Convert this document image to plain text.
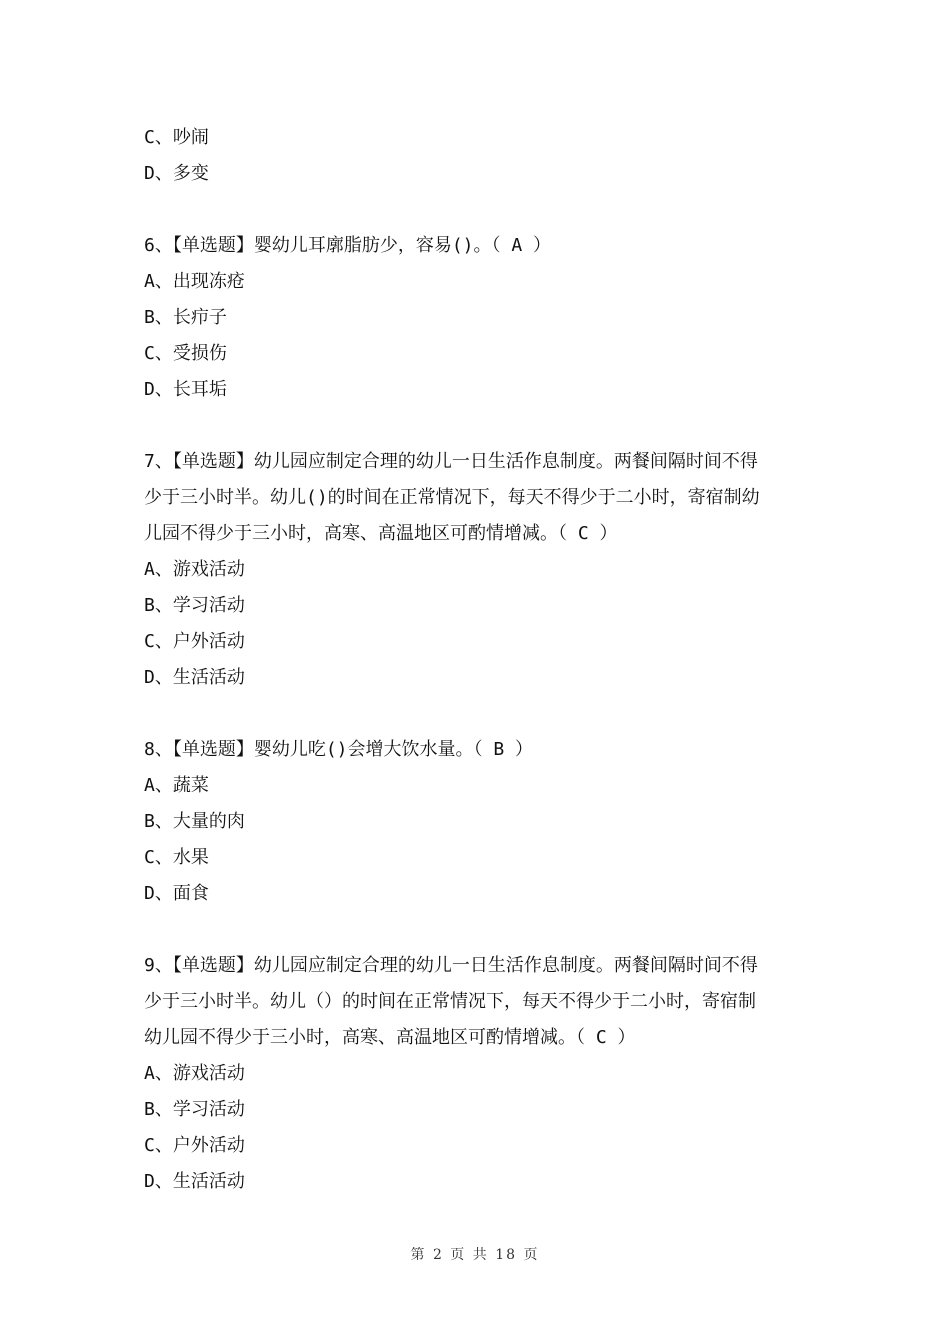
C、吵闹
D、多变
6、【单选题】婴幼儿耳廓脂肪少，容易()。（ A ）
A、出现冻疮
B、长疖子
C、受损伤
D、长耳垢
7、【单选题】幼儿园应制定合理的幼儿一日生活作息制度。两餐间隔时间不得
少于三小时半。幼儿()的时间在正常情况下，每天不得少于二小时，寄宿制幼
儿园不得少于三小时，高寒、高温地区可酌情增减。（ C ）
A、游戏活动
B、学习活动
C、户外活动
D、生活活动
8、【单选题】婴幼儿吃()会增大饮水量。（ B ）
A、蔬菜
B、大量的肉
C、水果
D、面食
9、【单选题】幼儿园应制定合理的幼儿一日生活作息制度。两餐间隔时间不得
少于三小时半。幼儿（）的时间在正常情况下，每天不得少于二小时，寄宿制
幼儿园不得少于三小时，高寒、高温地区可酌情增减。（ C ）
A、游戏活动
B、学习活动
C、户外活动
D、生活活动
第 2 页 共 18 页
